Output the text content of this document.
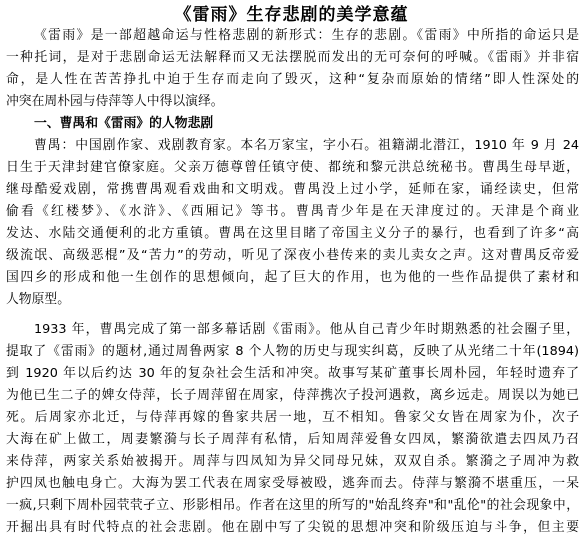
《雷雨》生存悲剧的美学意蕴
《雷雨》是一部超越命运与性格悲剧的新形式：生存的悲剧。《雷雨》中所指的命运只是
一种托词，是对于悲剧命运无法解释而又无法摆脱而发出的无可奈何的呼喊。《雷雨》并非宿
命，是人性在苦苦挣扎中迫于生存而走向了毁灭，这种“复杂而原始的情绪”即人性深处的
冲突在周朴园与侍萍等人中得以演绎。
一、曹禺和《雷雨》的人物悲剧
曹禺：中国剧作家、戏剧教育家。本名万家宝，字小石。祖籍湖北潜江，1910 年 9 月 24
日生于天津封建官僚家庭。父亲万德尊曾任镇守使、都统和黎元洪总统秘书。曹禺生母早逝，
继母酷爱戏剧，常携曹禺观看戏曲和文明戏。曹禺没上过小学，延师在家，诵经读史，但常
偷看《红楼梦》、《水浒》、《西厢记》等书。曹禺青少年是在天津度过的。天津是个商业
发达、水陆交通便利的北方重镇。曹禺在这里目睹了帝国主义分子的暴行，也看到了许多“高
级流氓、高级恶棍”及“苦力”的劳动，听见了深夜小巷传来的卖儿卖女之声。这对曹禺反帝爱
国四乡的形成和他一生创作的思想倾向，起了巨大的作用，也为他的一些作品提供了素材和
人物原型。
1933 年，曹禺完成了第一部多幕话剧《雷雨》。他从自己青少年时期熟悉的社会圈子里，
提取了《雷雨》的题材,通过周鲁两家 8 个人物的历史与现实纠葛，反映了从光绪二十年(1894)
到 1920 年以后约达 30 年的复杂社会生活和冲突。故事写某矿董事长周朴园，年轻时遗弃了
为他已生二子的婢女侍萍，长子周萍留在周家，侍萍携次子投河遇救，离乡远走。周误以为她已
死。后周家亦北迁，与侍萍再嫁的鲁家共居一地，互不相知。鲁家父女皆在周家为仆，次子
大海在矿上做工，周妻繁漪与长子周萍有私情，后知周萍爱鲁女四凤，繁漪欲遣去四凤乃召
来侍萍，两家关系始被揭开。周萍与四凤知为异父同母兄妹，双双自杀。繁漪之子周冲为救
护四凤也触电身亡。大海为罢工代表在周家受辱被殴，逃奔而去。侍萍与繁漪不堪重压，一呆
一疯,只剩下周朴园茕茕孑立、形影相吊。作者在这里的所写的"始乱终弃"和"乱伦"的社会现象中，
开掘出具有时代特点的社会悲剧。他在剧中写了尖锐的思想冲突和阶级压迫与斗争，但主要
